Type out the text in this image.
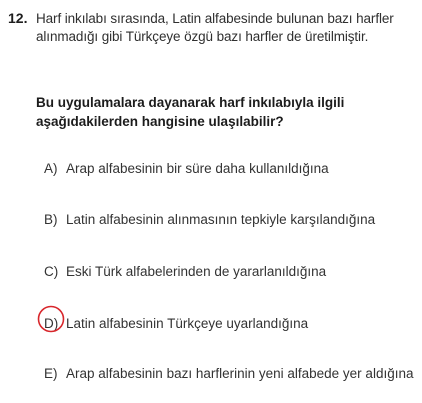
12. Harf inkılabı sırasında, Latin alfabesinde bulunan bazı harfler alınmadığı gibi Türkçeye özgü bazı harfler de üretilmiştir.
Bu uygulamalara dayanarak harf inkılabıyla ilgili aşağıdakilerden hangisine ulaşılabilir?
A) Arap alfabesinin bir süre daha kullanıldığına
B) Latin alfabesinin alınmasının tepkiyle karşılandığına
C) Eski Türk alfabelerinden de yararlanıldığına
D) Latin alfabesinin Türkçeye uyarlandığına
E) Arap alfabesinin bazı harflerinin yeni alfabede yer aldığına
